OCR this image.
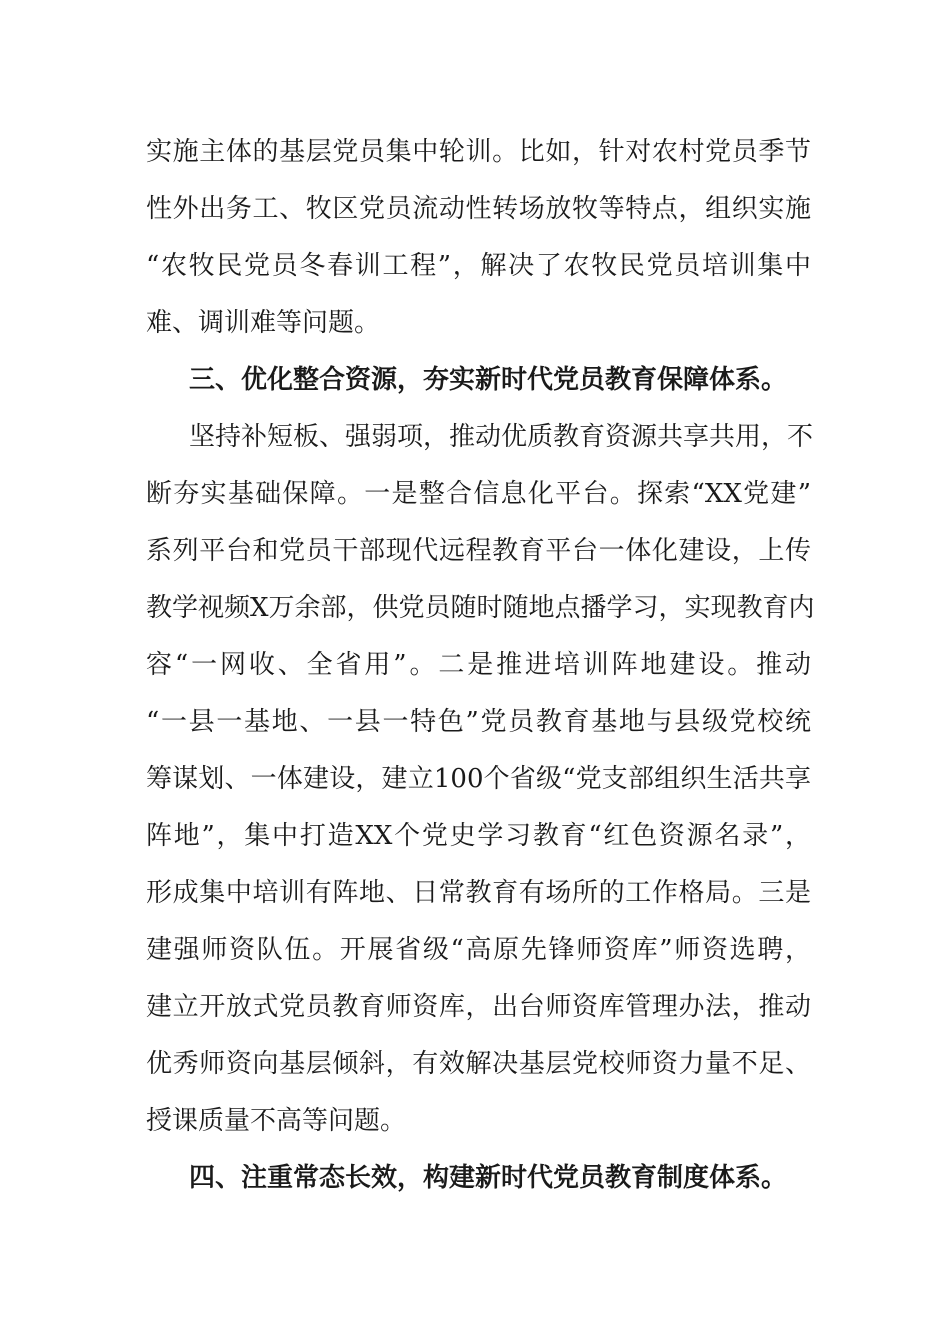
实施主体的基层党员集中轮训。比如，针对农村党员季节
性外出务工、牧区党员流动性转场放牧等特点，组织实施
“农牧民党员冬春训工程”，解决了农牧民党员培训集中
难、调训难等问题。
三、优化整合资源，夯实新时代党员教育保障体系。
坚持补短板、强弱项，推动优质教育资源共享共用，不
断夯实基础保障。一是整合信息化平台。探索“XX党建”
系列平台和党员干部现代远程教育平台一体化建设，上传
教学视频X万余部，供党员随时随地点播学习，实现教育内
容“一网收、全省用”。二是推进培训阵地建设。推动
“一县一基地、一县一特色”党员教育基地与县级党校统
筹谋划、一体建设，建立100个省级“党支部组织生活共享
阵地”，集中打造XX个党史学习教育“红色资源名录”，
形成集中培训有阵地、日常教育有场所的工作格局。三是
建强师资队伍。开展省级“高原先锋师资库”师资选聘，
建立开放式党员教育师资库，出台师资库管理办法，推动
优秀师资向基层倾斜，有效解决基层党校师资力量不足、
授课质量不高等问题。
四、注重常态长效，构建新时代党员教育制度体系。
